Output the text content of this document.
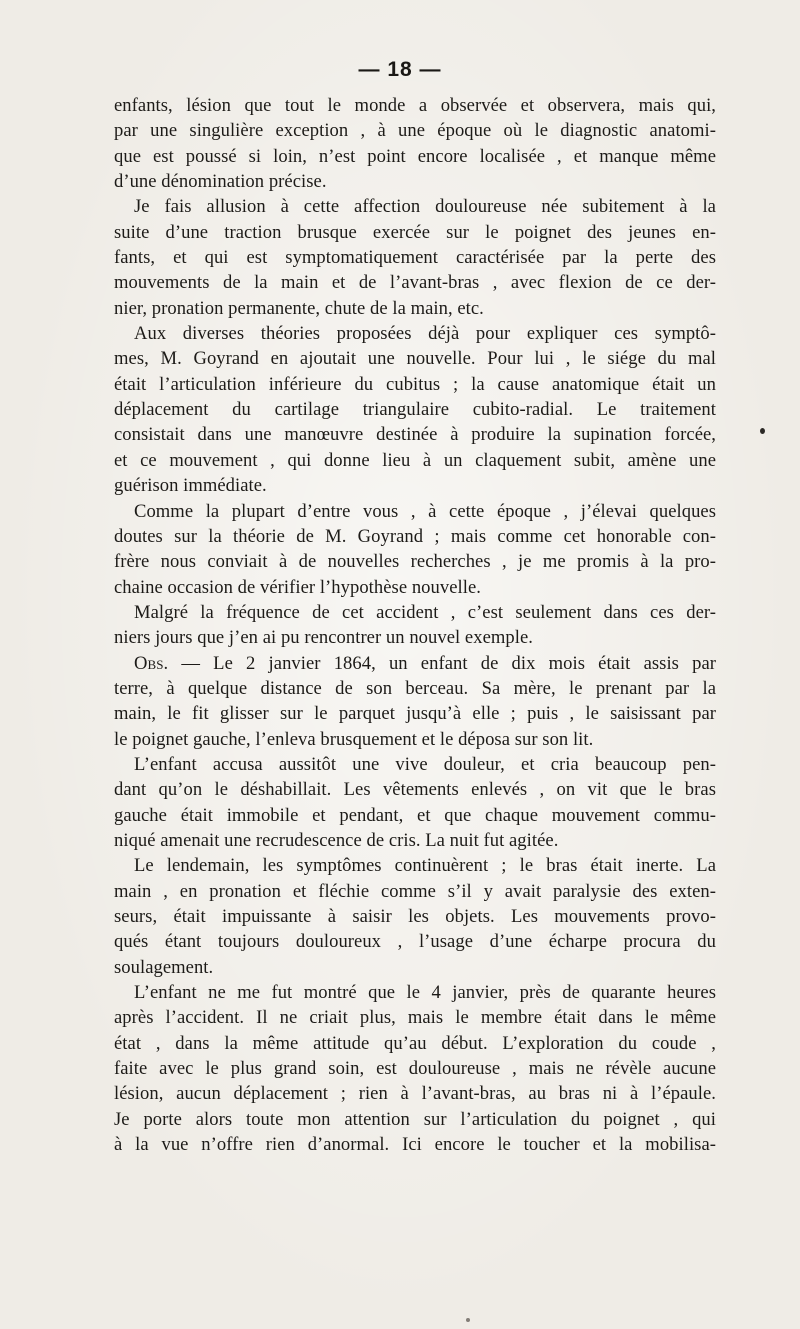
— 18 —
enfants, lésion que tout le monde a observée et observera, mais qui,
par une singulière exception , à une époque où le diagnostic anatomi-
que est poussé si loin, n’est point encore localisée , et manque même
d’une dénomination précise.
Je fais allusion à cette affection douloureuse née subitement à la
suite d’une traction brusque exercée sur le poignet des jeunes en-
fants, et qui est symptomatiquement caractérisée par la perte des
mouvements de la main et de l’avant-bras , avec flexion de ce der-
nier, pronation permanente, chute de la main, etc.
Aux diverses théories proposées déjà pour expliquer ces symptô-
mes, M. Goyrand en ajoutait une nouvelle. Pour lui , le siége du mal
était l’articulation inférieure du cubitus ; la cause anatomique était un
déplacement du cartilage triangulaire cubito-radial. Le traitement
consistait dans une manœuvre destinée à produire la supination forcée,
et ce mouvement , qui donne lieu à un claquement subit, amène une
guérison immédiate.
Comme la plupart d’entre vous , à cette époque , j’élevai quelques
doutes sur la théorie de M. Goyrand ; mais comme cet honorable con-
frère nous conviait à de nouvelles recherches , je me promis à la pro-
chaine occasion de vérifier l’hypothèse nouvelle.
Malgré la fréquence de cet accident , c’est seulement dans ces der-
niers jours que j’en ai pu rencontrer un nouvel exemple.
Obs. — Le 2 janvier 1864, un enfant de dix mois était assis par
terre, à quelque distance de son berceau. Sa mère, le prenant par la
main, le fit glisser sur le parquet jusqu’à elle ; puis , le saisissant par
le poignet gauche, l’enleva brusquement et le déposa sur son lit.
L’enfant accusa aussitôt une vive douleur, et cria beaucoup pen-
dant qu’on le déshabillait. Les vêtements enlevés , on vit que le bras
gauche était immobile et pendant, et que chaque mouvement commu-
niqué amenait une recrudescence de cris. La nuit fut agitée.
Le lendemain, les symptômes continuèrent ; le bras était inerte. La
main , en pronation et fléchie comme s’il y avait paralysie des exten-
seurs, était impuissante à saisir les objets. Les mouvements provo-
qués étant toujours douloureux , l’usage d’une écharpe procura du
soulagement.
L’enfant ne me fut montré que le 4 janvier, près de quarante heures
après l’accident. Il ne criait plus, mais le membre était dans le même
état , dans la même attitude qu’au début. L’exploration du coude ,
faite avec le plus grand soin, est douloureuse , mais ne révèle aucune
lésion, aucun déplacement ; rien à l’avant-bras, au bras ni à l’épaule.
Je porte alors toute mon attention sur l’articulation du poignet , qui
à la vue n’offre rien d’anormal. Ici encore le toucher et la mobilisa-
